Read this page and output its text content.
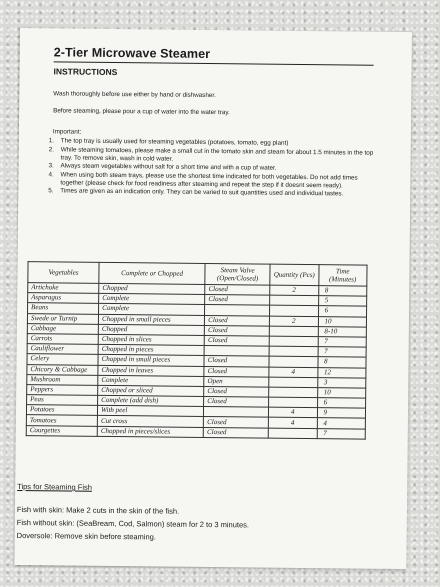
2-Tier Microwave Steamer
INSTRUCTIONS
Wash thoroughly before use either by hand or dishwasher.
Before steaming, please pour a cup of water into the water tray.
Important:
1.	The top tray is usually used for steaming vegetables (potatoes, tomato, egg plant)
2.	While steaming tomatoes, please make a small cut in the tomato skin and steam for about 1.5 minutes in the top tray. To remove skin, wash in cold water.
3.	Always steam vegetables without salt for a short time and with a cup of water.
4.	When using both steam trays, please use the shortest time indicated for both vegetables. Do not add times together (please check for food readiness after steaming and repeat the step if it doesnt seem ready).
5.	Times are given as an indication only. They can be varied to suit quantities used and individual tastes.
Vegetables	Complete or Chopped	Steam Valve (Open/Closed)	Quantity (Pcs)	Time (Minutes)
Artichoke	Chopped	Closed	2	8
Asparagus	Complete	Closed		5
Beans	Complete			6
Swede or Turnip	Chopped in small pieces	Closed	2	10
Cabbage	Chopped	Closed		8-10
Carrots	Chopped in slices	Closed		7
Cauliflower	Chopped in pieces			7
Celery	Chopped in small pieces	Closed		8
Chicory & Cabbage	Chopped in leaves	Closed	4	12
Mushroom	Complete	Open		3
Peppers	Chopped or sliced	Closed		10
Peas	Complete (add dish)	Closed		6
Potatoes	With peel		4	9
Tomatoes	Cut cross	Closed	4	4
Courgettes	Chopped in pieces/slices	Closed		7
Tips for Steaming Fish
Fish with skin: Make 2 cuts in the skin of the fish.
Fish without skin: (SeaBream, Cod, Salmon) steam for 2 to 3 minutes.
Doversole: Remove skin before steaming.
